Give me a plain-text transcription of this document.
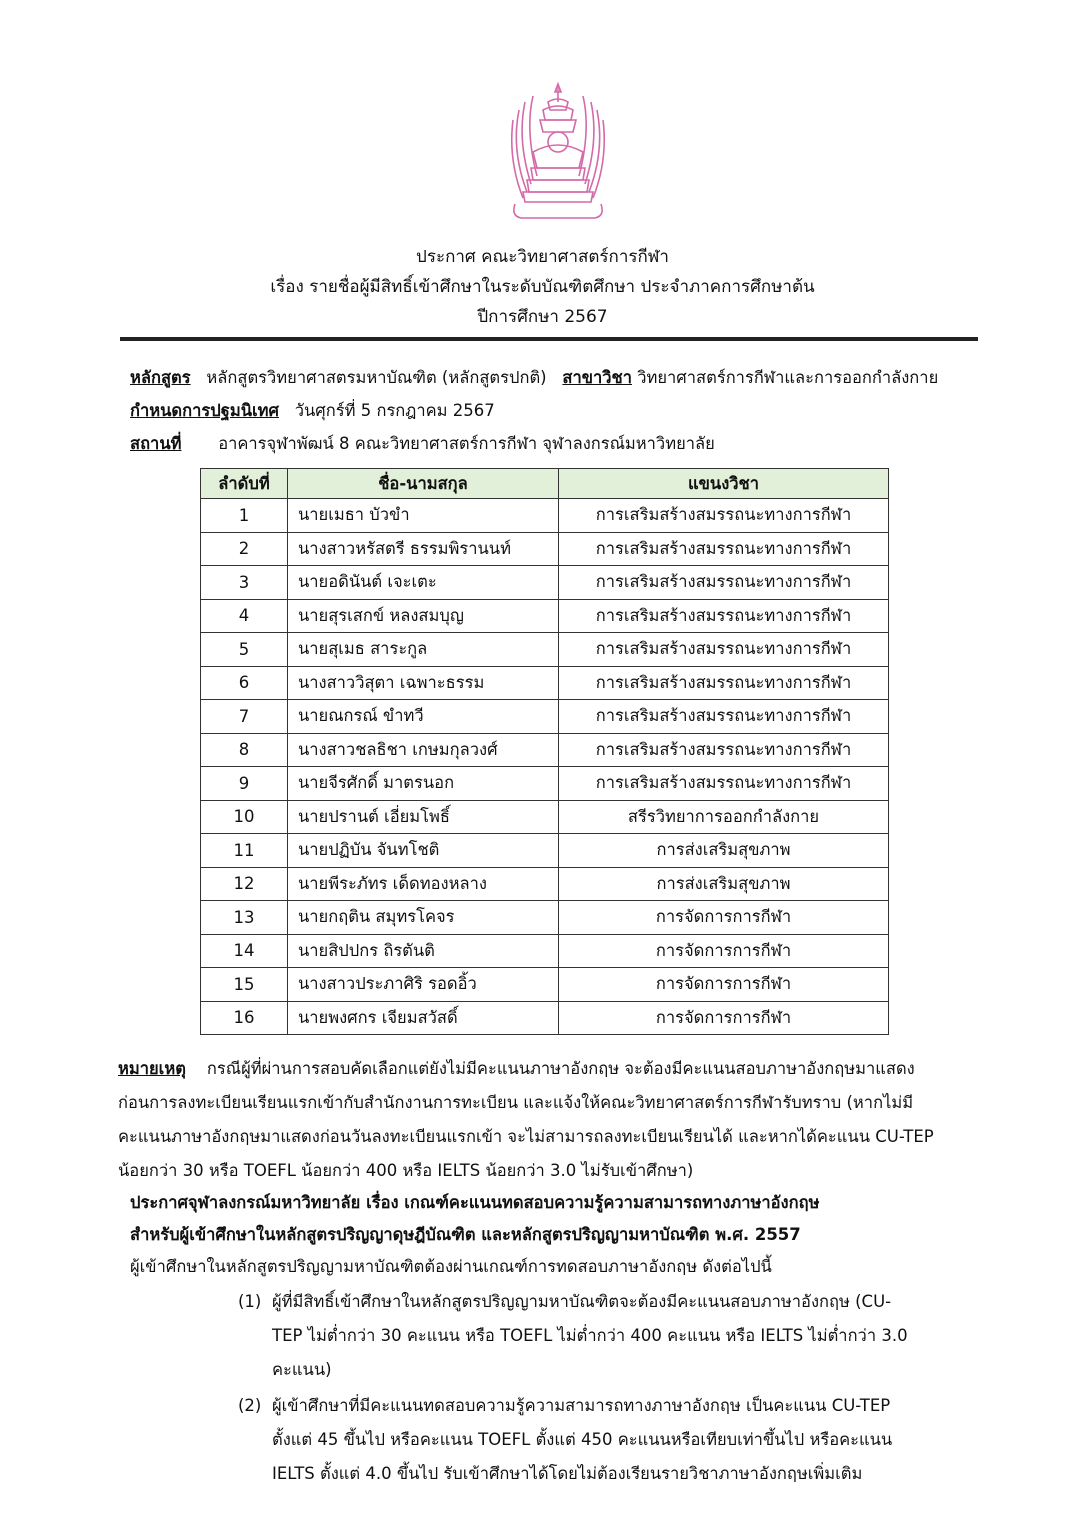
ประกาศ คณะวิทยาศาสตร์การกีฬา
เรื่อง รายชื่อผู้มีสิทธิ์เข้าศึกษาในระดับบัณฑิตศึกษา ประจำภาคการศึกษาต้น
ปีการศึกษา 2567
หลักสูตร หลักสูตรวิทยาศาสตรมหาบัณฑิต (หลักสูตรปกติ) สาขาวิชา วิทยาศาสตร์การกีฬาและการออกกำลังกาย
กำหนดการปฐมนิเทศ วันศุกร์ที่ 5 กรกฎาคม 2567
สถานที่ อาคารจุฬาพัฒน์ 8 คณะวิทยาศาสตร์การกีฬา จุฬาลงกรณ์มหาวิทยาลัย
ลำดับที่	ชื่อ-นามสกุล	แขนงวิชา
1	นายเมธา บัวขำ	การเสริมสร้างสมรรถนะทางการกีฬา
2	นางสาวหรัสตรี ธรรมพิรานนท์	การเสริมสร้างสมรรถนะทางการกีฬา
3	นายอดินันต์ เจะเตะ	การเสริมสร้างสมรรถนะทางการกีฬา
4	นายสุรเสกข์ หลงสมบุญ	การเสริมสร้างสมรรถนะทางการกีฬา
5	นายสุเมธ สาระกูล	การเสริมสร้างสมรรถนะทางการกีฬา
6	นางสาววิสุตา เฉพาะธรรม	การเสริมสร้างสมรรถนะทางการกีฬา
7	นายณกรณ์ ขำทวี	การเสริมสร้างสมรรถนะทางการกีฬา
8	นางสาวชลธิชา เกษมกุลวงศ์	การเสริมสร้างสมรรถนะทางการกีฬา
9	นายจีรศักดิ์ มาตรนอก	การเสริมสร้างสมรรถนะทางการกีฬา
10	นายปรานต์ เอี่ยมโพธิ์	สรีรวิทยาการออกกำลังกาย
11	นายปฏิบัน จันทโชติ	การส่งเสริมสุขภาพ
12	นายพีระภัทร เด็ดทองหลาง	การส่งเสริมสุขภาพ
13	นายกฤติน สมุทรโคจร	การจัดการการกีฬา
14	นายสิปปกร ถิรตันติ	การจัดการการกีฬา
15	นางสาวประภาศิริ รอดอิ้ว	การจัดการการกีฬา
16	นายพงศกร เจียมสวัสดิ์	การจัดการการกีฬา
หมายเหตุ กรณีผู้ที่ผ่านการสอบคัดเลือกแต่ยังไม่มีคะแนนภาษาอังกฤษ จะต้องมีคะแนนสอบภาษาอังกฤษมาแสดง
ก่อนการลงทะเบียนเรียนแรกเข้ากับสำนักงานการทะเบียน และแจ้งให้คณะวิทยาศาสตร์การกีฬารับทราบ (หากไม่มี
คะแนนภาษาอังกฤษมาแสดงก่อนวันลงทะเบียนแรกเข้า จะไม่สามารถลงทะเบียนเรียนได้ และหากได้คะแนน CU-TEP
น้อยกว่า 30 หรือ TOEFL น้อยกว่า 400 หรือ IELTS น้อยกว่า 3.0 ไม่รับเข้าศึกษา)
ประกาศจุฬาลงกรณ์มหาวิทยาลัย เรื่อง เกณฑ์คะแนนทดสอบความรู้ความสามารถทางภาษาอังกฤษ
สำหรับผู้เข้าศึกษาในหลักสูตรปริญญาดุษฎีบัณฑิต และหลักสูตรปริญญามหาบัณฑิต พ.ศ. 2557
ผู้เข้าศึกษาในหลักสูตรปริญญามหาบัณฑิตต้องผ่านเกณฑ์การทดสอบภาษาอังกฤษ ดังต่อไปนี้
(1) ผู้ที่มีสิทธิ์เข้าศึกษาในหลักสูตรปริญญามหาบัณฑิตจะต้องมีคะแนนสอบภาษาอังกฤษ (CU-
TEP ไม่ต่ำกว่า 30 คะแนน หรือ TOEFL ไม่ต่ำกว่า 400 คะแนน หรือ IELTS ไม่ต่ำกว่า 3.0
คะแนน)
(2) ผู้เข้าศึกษาที่มีคะแนนทดสอบความรู้ความสามารถทางภาษาอังกฤษ เป็นคะแนน CU-TEP
ตั้งแต่ 45 ขึ้นไป หรือคะแนน TOEFL ตั้งแต่ 450 คะแนนหรือเทียบเท่าขึ้นไป หรือคะแนน
IELTS ตั้งแต่ 4.0 ขึ้นไป รับเข้าศึกษาได้โดยไม่ต้องเรียนรายวิชาภาษาอังกฤษเพิ่มเติม
